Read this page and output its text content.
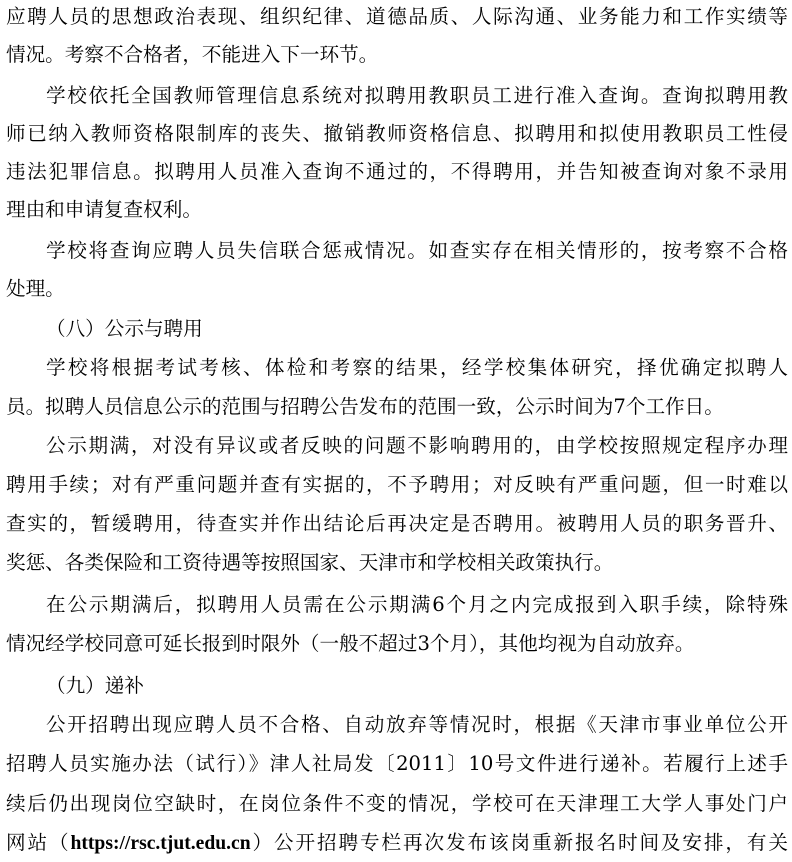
应聘人员的思想政治表现、组织纪律、道德品质、人际沟通、业务能力和工作实绩等
情况。考察不合格者，不能进入下一环节。
学校依托全国教师管理信息系统对拟聘用教职员工进行准入查询。查询拟聘用教
师已纳入教师资格限制库的丧失、撤销教师资格信息、拟聘用和拟使用教职员工性侵
违法犯罪信息。拟聘用人员准入查询不通过的，不得聘用，并告知被查询对象不录用
理由和申请复查权利。
学校将查询应聘人员失信联合惩戒情况。如查实存在相关情形的，按考察不合格
处理。
（八）公示与聘用
学校将根据考试考核、体检和考察的结果，经学校集体研究，择优确定拟聘人
员。拟聘人员信息公示的范围与招聘公告发布的范围一致，公示时间为7个工作日。
公示期满，对没有异议或者反映的问题不影响聘用的，由学校按照规定程序办理
聘用手续；对有严重问题并查有实据的，不予聘用；对反映有严重问题，但一时难以
查实的，暂缓聘用，待查实并作出结论后再决定是否聘用。被聘用人员的职务晋升、
奖惩、各类保险和工资待遇等按照国家、天津市和学校相关政策执行。
在公示期满后，拟聘用人员需在公示期满6个月之内完成报到入职手续，除特殊
情况经学校同意可延长报到时限外（一般不超过3个月），其他均视为自动放弃。
（九）递补
公开招聘出现应聘人员不合格、自动放弃等情况时，根据《天津市事业单位公开
招聘人员实施办法（试行）》津人社局发〔2011〕10号文件进行递补。若履行上述手
续后仍出现岗位空缺时，在岗位条件不变的情况，学校可在天津理工大学人事处门户
网站（https://rsc.tjut.edu.cn）公开招聘专栏再次发布该岗重新报名时间及安排，有关
